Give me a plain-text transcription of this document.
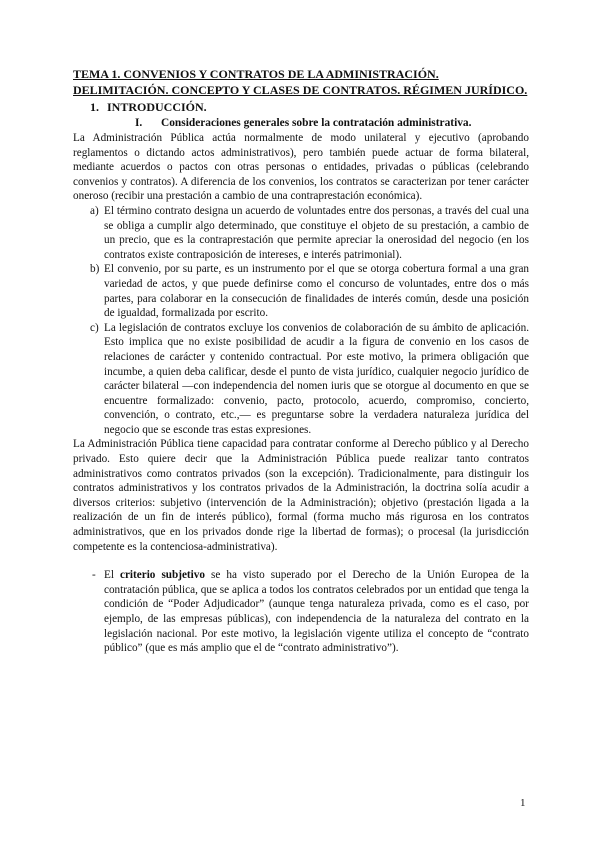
TEMA 1. CONVENIOS Y CONTRATOS DE LA ADMINISTRACIÓN. DELIMITACIÓN. CONCEPTO Y CLASES DE CONTRATOS. RÉGIMEN JURÍDICO.

1. INTRODUCCIÓN.
I. Consideraciones generales sobre la contratación administrativa.

La Administración Pública actúa normalmente de modo unilateral y ejecutivo (aprobando reglamentos o dictando actos administrativos), pero también puede actuar de forma bilateral, mediante acuerdos o pactos con otras personas o entidades, privadas o públicas (celebrando convenios y contratos). A diferencia de los convenios, los contratos se caracterizan por tener carácter oneroso (recibir una prestación a cambio de una contraprestación económica).

a) El término contrato designa un acuerdo de voluntades entre dos personas, a través del cual una se obliga a cumplir algo determinado, que constituye el objeto de su prestación, a cambio de un precio, que es la contraprestación que permite apreciar la onerosidad del negocio (en los contratos existe contraposición de intereses, e interés patrimonial).
b) El convenio, por su parte, es un instrumento por el que se otorga cobertura formal a una gran variedad de actos, y que puede definirse como el concurso de voluntades, entre dos o más partes, para colaborar en la consecución de finalidades de interés común, desde una posición de igualdad, formalizada por escrito.
c) La legislación de contratos excluye los convenios de colaboración de su ámbito de aplicación. Esto implica que no existe posibilidad de acudir a la figura de convenio en los casos de relaciones de carácter y contenido contractual. Por este motivo, la primera obligación que incumbe, a quien deba calificar, desde el punto de vista jurídico, cualquier negocio jurídico de carácter bilateral —con independencia del nomen iuris que se otorgue al documento en que se encuentre formalizado: convenio, pacto, protocolo, acuerdo, compromiso, concierto, convención, o contrato, etc.,— es preguntarse sobre la verdadera naturaleza jurídica del negocio que se esconde tras estas expresiones.

La Administración Pública tiene capacidad para contratar conforme al Derecho público y al Derecho privado. Esto quiere decir que la Administración Pública puede realizar tanto contratos administrativos como contratos privados (son la excepción). Tradicionalmente, para distinguir los contratos administrativos y los contratos privados de la Administración, la doctrina solía acudir a diversos criterios: subjetivo (intervención de la Administración); objetivo (prestación ligada a la realización de un fin de interés público), formal (forma mucho más rigurosa en los contratos administrativos, que en los privados donde rige la libertad de formas); o procesal (la jurisdicción competente es la contenciosa-administrativa).

- El criterio subjetivo se ha visto superado por el Derecho de la Unión Europea de la contratación pública, que se aplica a todos los contratos celebrados por un entidad que tenga la condición de “Poder Adjudicador” (aunque tenga naturaleza privada, como es el caso, por ejemplo, de las empresas públicas), con independencia de la naturaleza del contrato en la legislación nacional. Por este motivo, la legislación vigente utiliza el concepto de “contrato público” (que es más amplio que el de “contrato administrativo”).
1
